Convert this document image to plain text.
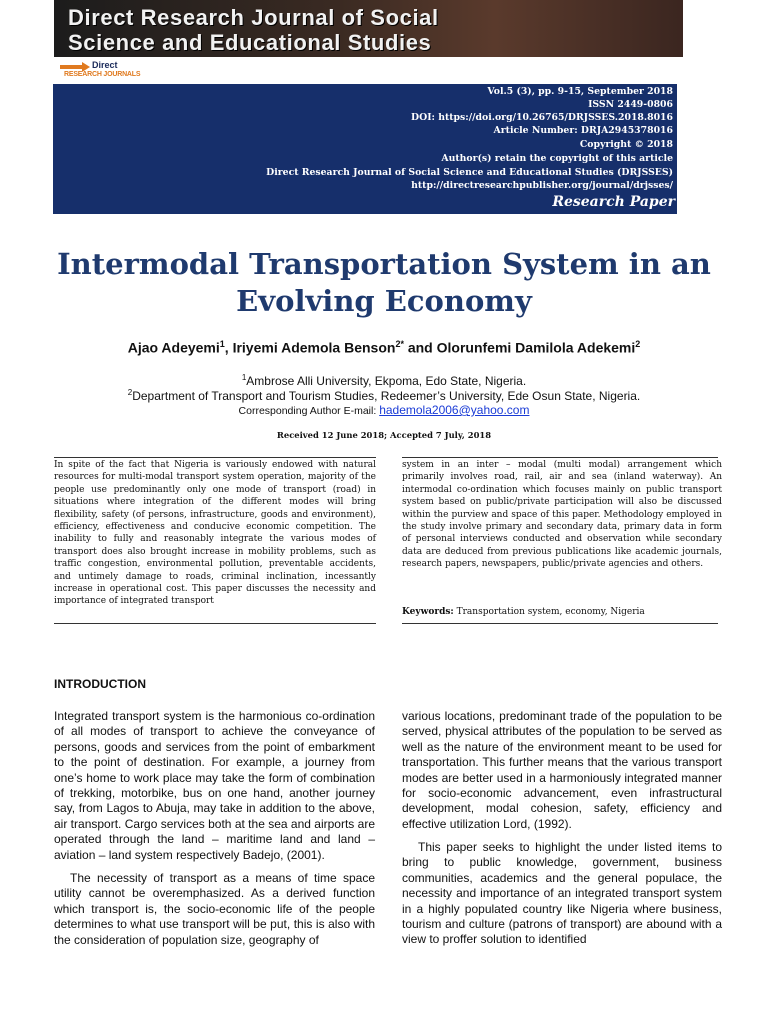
Direct Research Journal of Social
Science and Educational Studies
Direct
RESEARCH JOURNALS
Vol.5 (3), pp. 9-15, September 2018
ISSN 2449-0806
DOI: https://doi.org/10.26765/DRJSSES.2018.8016
Article Number: DRJA2945378016
Copyright © 2018
Author(s) retain the copyright of this article
Direct Research Journal of Social Science and Educational Studies (DRJSSES)
http://directresearchpublisher.org/journal/drjsses/
Research Paper
Intermodal Transportation System in an
Evolving Economy
Ajao Adeyemi$^1$, Iriyemi Ademola Benson$^{2*}$ and Olorunfemi Damilola Adekemi$^2$
$^1$Ambrose Alli University, Ekpoma, Edo State, Nigeria.
$^2$Department of Transport and Tourism Studies, Redeemer’s University, Ede Osun State, Nigeria.
Corresponding Author E-mail: hademola2006@yahoo.com
Received 12 June 2018; Accepted 7 July, 2018

In spite of the fact that Nigeria is variously endowed with natural resources for multi-modal transport system operation, majority of the people use predominantly only one mode of transport (road) in situations where integration of the different modes will bring flexibility, safety (of persons, infrastructure, goods and environment), efficiency, effectiveness and conducive economic competition. The inability to fully and reasonably integrate the various modes of transport does also brought increase in mobility problems, such as traffic congestion, environmental pollution, preventable accidents, and untimely damage to roads, criminal inclination, incessantly increase in operational cost. This paper discusses the necessity and importance of integrated transport

system in an inter – modal (multi modal) arrangement which primarily involves road, rail, air and sea (inland waterway). An intermodal co-ordination which focuses mainly on public transport system based on public/private participation will also be discussed within the purview and space of this paper. Methodology employed in the study involve primary and secondary data, primary data in form of personal interviews conducted and observation while secondary data are deduced from previous publications like academic journals, research papers, newspapers, public/private agencies and others.

Keywords: Transportation system, economy, Nigeria
INTRODUCTION

Integrated transport system is the harmonious co-ordination of all modes of transport to achieve the conveyance of persons, goods and services from the point of embarkment to the point of destination. For example, a journey from one’s home to work place may take the form of combination of trekking, motorbike, bus on one hand, another journey say, from Lagos to Abuja, may take in addition to the above, air transport. Cargo services both at the sea and airports are operated through the land – maritime land and land – aviation – land system respectively Badejo, (2001).

The necessity of transport as a means of time space utility cannot be overemphasized. As a derived function which transport is, the socio-economic life of the people determines to what use transport will be put, this is also with the consideration of population size, geography of

various locations, predominant trade of the population to be served, physical attributes of the population to be served as well as the nature of the environment meant to be used for transportation. This further means that the various transport modes are better used in a harmoniously integrated manner for socio-economic advancement, even infrastructural development, modal cohesion, safety, efficiency and effective utilization Lord, (1992).

This paper seeks to highlight the under listed items to bring to public knowledge, government, business communities, academics and the general populace, the necessity and importance of an integrated transport system in a highly populated country like Nigeria where business, tourism and culture (patrons of transport) are abound with a view to proffer solution to identified
